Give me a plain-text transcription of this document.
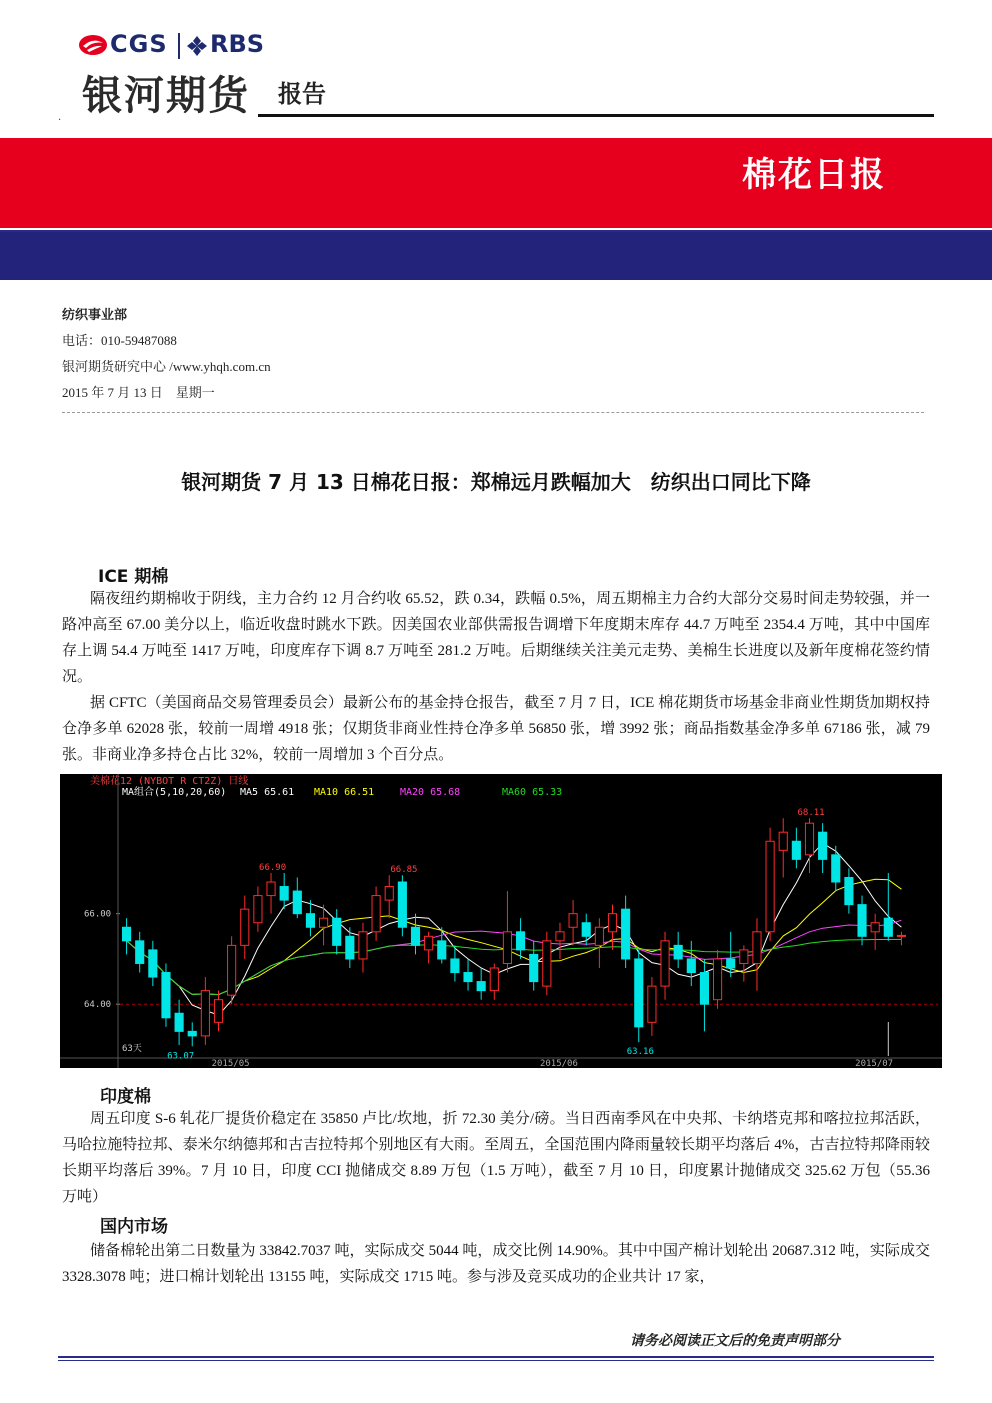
CGS RBS
银河期货 报告
.
棉花日报
纺织事业部
电话：010-59487088
银河期货研究中心 /www.yhqh.com.cn
2015 年 7 月 13 日　星期一
银河期货 7 月 13 日棉花日报：郑棉远月跌幅加大　纺织出口同比下降
ICE 期棉

隔夜纽约期棉收于阴线，主力合约 12 月合约收 65.52，跌 0.34，跌幅 0.5%，周五期棉主力合约大部分交易时间走势较强，并一路冲高至 67.00 美分以上，临近收盘时跳水下跌。因美国农业部供需报告调增下年度期末库存 44.7 万吨至 2354.4 万吨，其中中国库存上调 54.4 万吨至 1417 万吨，印度库存下调 8.7 万吨至 281.2 万吨。后期继续关注美元走势、美棉生长进度以及新年度棉花签约情况。

据 CFTC（美国商品交易管理委员会）最新公布的基金持仓报告，截至 7 月 7 日，ICE 棉花期货市场基金非商业性期货加期权持仓净多单 62028 张，较前一周增 4918 张；仅期货非商业性持仓净多单 56850 张，增 3992 张；商品指数基金净多单 67186 张，减 79 张。非商业净多持仓占比 32%，较前一周增加 3 个百分点。

美棉花12 (NYBOT R CT2Z) 日线
MA组合(5,10,20,60) MA5 65.61 MA10 66.51	MA20 65.68	MA60 65.33
66.00
64.00
2015/05	2015/06	2015/07
66.90	66.85
68.11
63.07	63.16
63天
印度棉

周五印度 S-6 轧花厂提货价稳定在 35850 卢比/坎地，折 72.30 美分/磅。当日西南季风在中央邦、卡纳塔克邦和喀拉拉邦活跃，马哈拉施特拉邦、泰米尔纳德邦和古吉拉特邦个别地区有大雨。至周五，全国范围内降雨量较长期平均落后 4%，古吉拉特邦降雨较长期平均落后 39%。7 月 10 日，印度 CCI 抛储成交 8.89 万包（1.5 万吨），截至 7 月 10 日，印度累计抛储成交 325.62 万包（55.36 万吨）

国内市场

储备棉轮出第二日数量为 33842.7037 吨，实际成交 5044 吨，成交比例 14.90%。其中中国产棉计划轮出 20687.312 吨，实际成交 3328.3078 吨；进口棉计划轮出 13155 吨，实际成交 1715 吨。参与涉及竞买成功的企业共计 17 家，

请务必阅读正文后的免责声明部分
